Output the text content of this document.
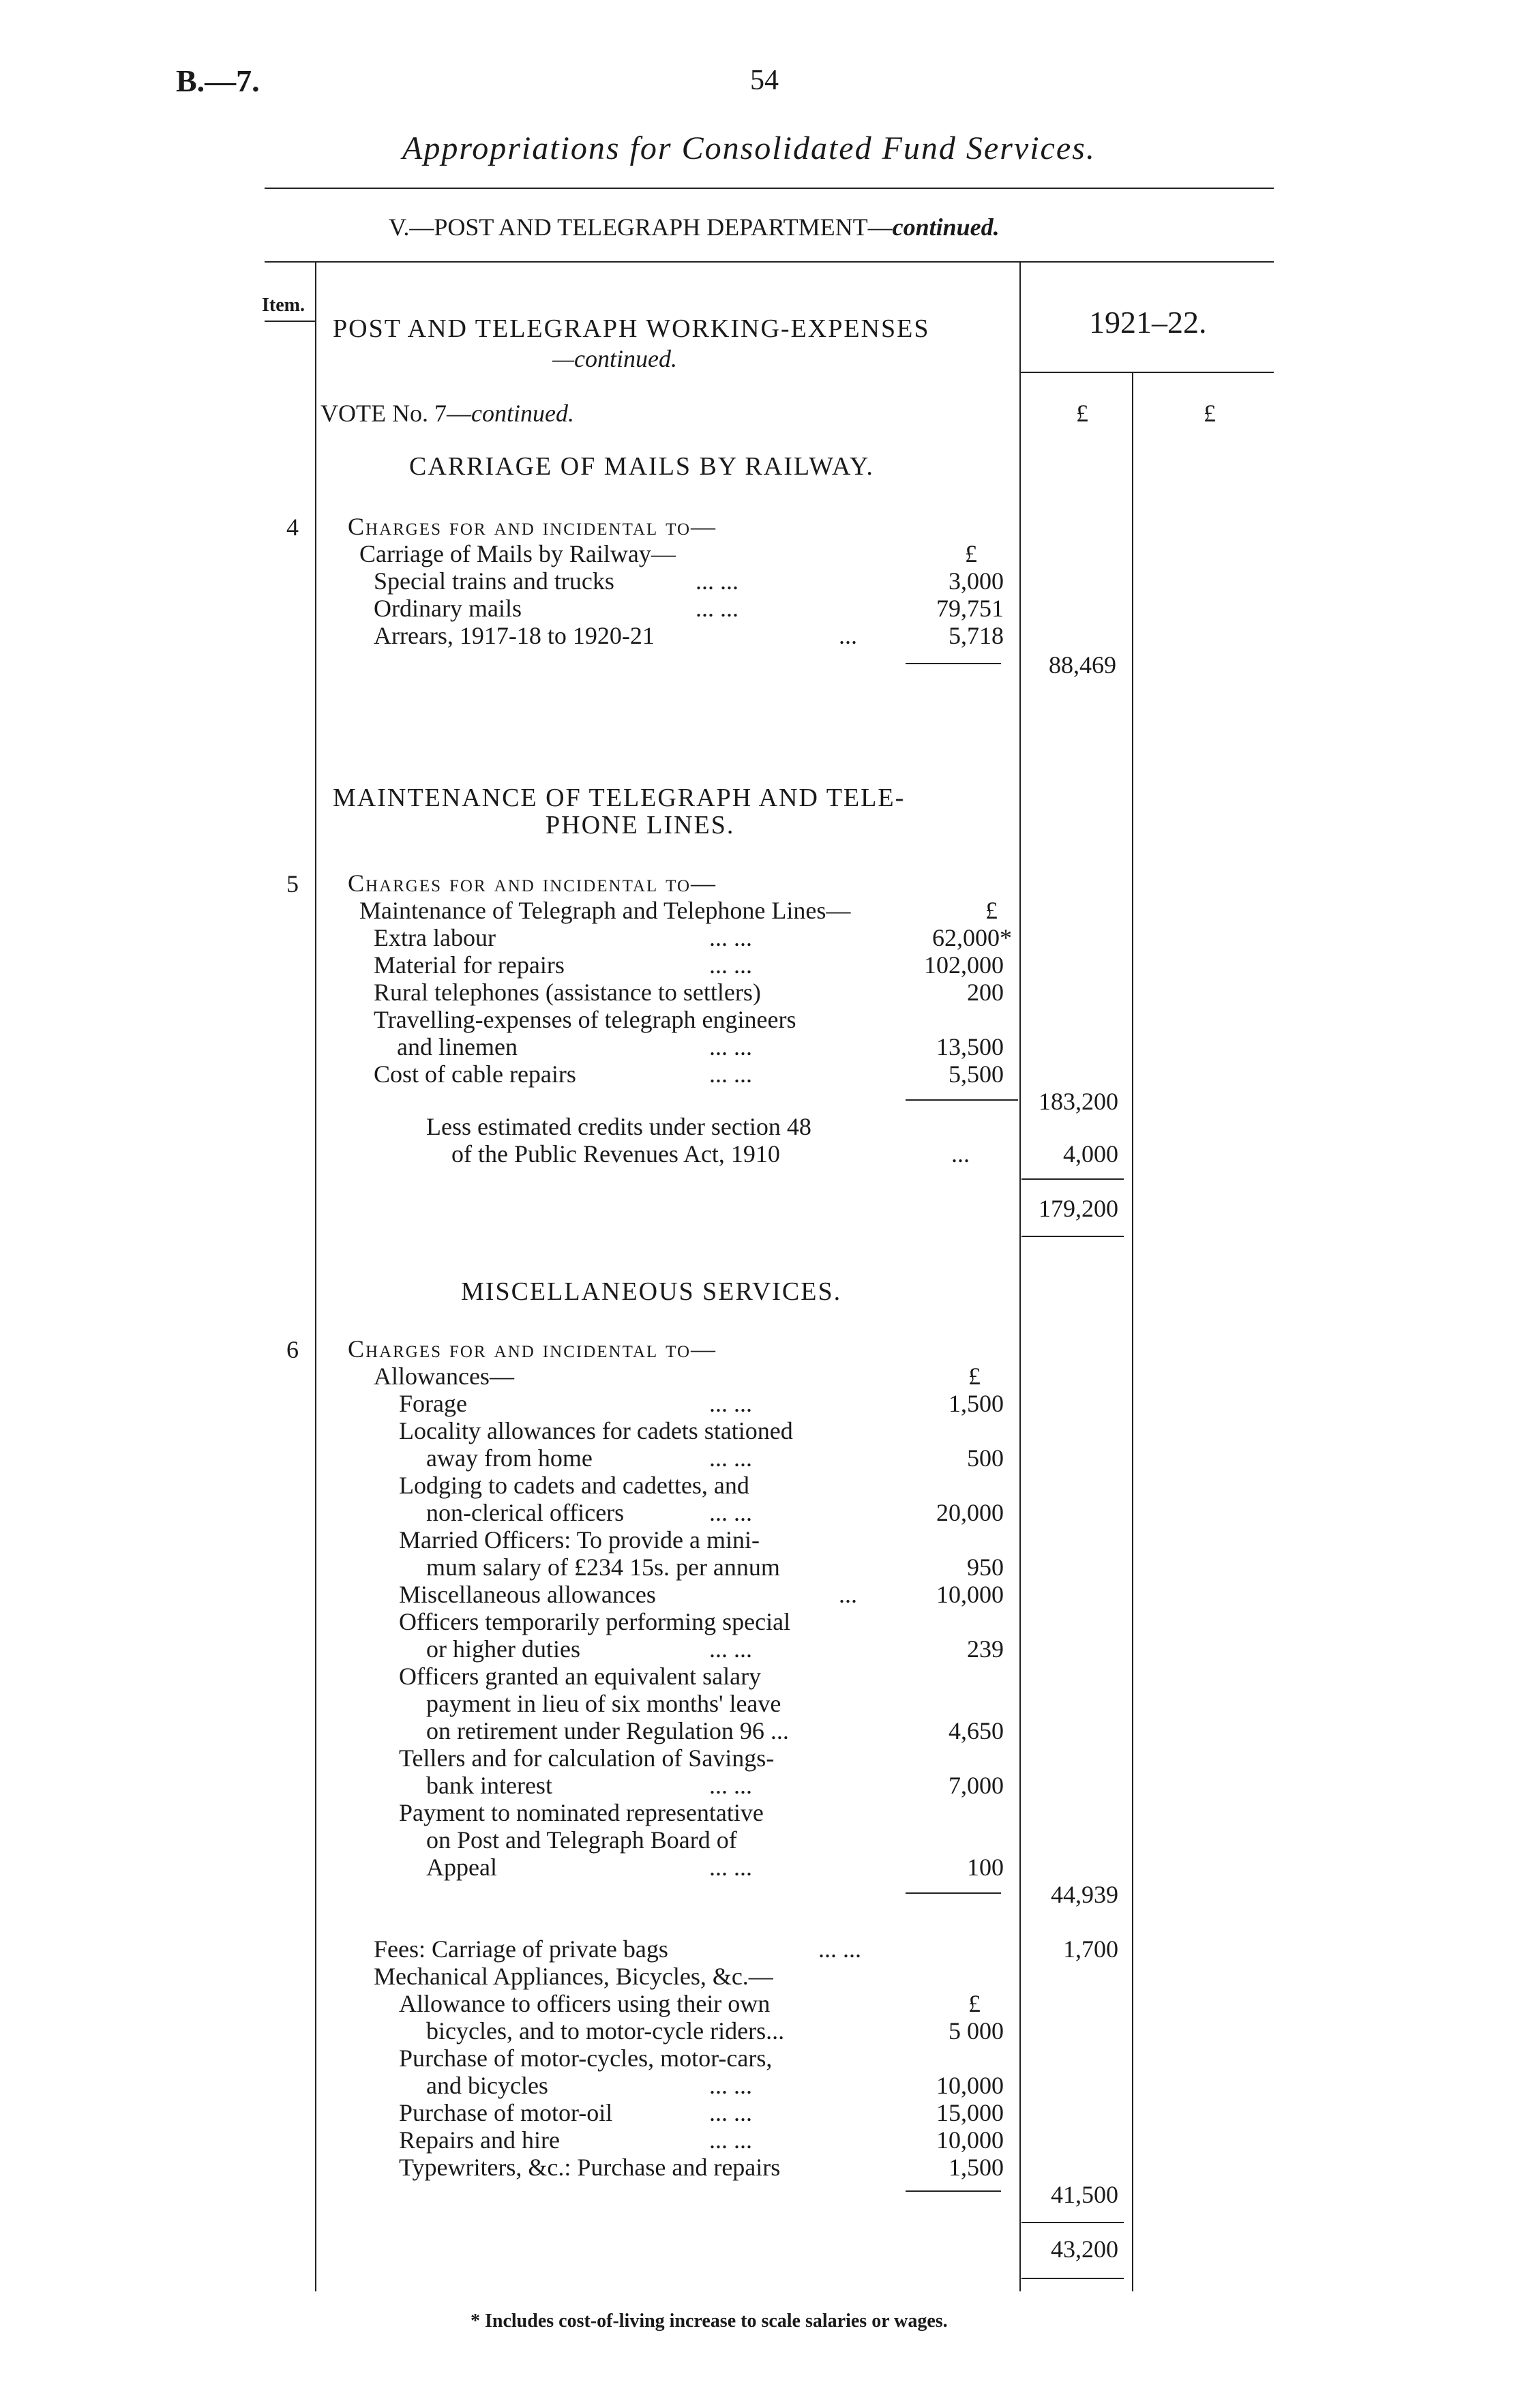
B.—7.	54
Appropriations for Consolidated Fund Services.
V.—POST AND TELEGRAPH DEPARTMENT—continued.
Item.
POST AND TELEGRAPH WORKING-EXPENSES
—continued.
1921–22.
VOTE No. 7—continued.	£	£
4
CARRIAGE OF MAILS BY RAILWAY.
Charges for and incidental to—
Carriage of Mails by Railway—	£
Special trains and trucks	... ...	3,000
Ordinary mails	... ...	79,751
Arrears, 1917-18 to 1920-21	...	5,718
88,469
MAINTENANCE OF TELEGRAPH AND TELE-
PHONE LINES.
5 Charges for and incidental to—
Maintenance of Telegraph and Telephone Lines—	£
Extra labour	... ...	62,000*
Material for repairs	... ...	102,000
Rural telephones (assistance to settlers)	200
Travelling-expenses of telegraph engineers
and linemen	... ...	13,500
Cost of cable repairs	... ...	5,500
183,200
Less estimated credits under section 48
of the Public Revenues Act, 1910	...	4,000
179,200
MISCELLANEOUS SERVICES.
6 Charges for and incidental to—
Allowances—	£
Forage	... ...	1,500
Locality allowances for cadets stationed
away from home	... ...	500
Lodging to cadets and cadettes, and
non-clerical officers	... ...	20,000
Married Officers: To provide a mini-
mum salary of £234 15s. per annum	950
Miscellaneous allowances	...	10,000
Officers temporarily performing special
or higher duties	... ...	239
Officers granted an equivalent salary
payment in lieu of six months' leave
on retirement under Regulation 96 ...	4,650
Tellers and for calculation of Savings-
bank interest	... ...	7,000
Payment to nominated representative
on Post and Telegraph Board of
Appeal	... ...	100
44,939
Fees: Carriage of private bags	... ...	1,700
Mechanical Appliances, Bicycles, &c.—
£
Allowance to officers using their own
bicycles, and to motor-cycle riders...	5 000
Purchase of motor-cycles, motor-cars,
and bicycles	... ...	10,000
Purchase of motor-oil	... ...	15,000
Repairs and hire	... ...	10,000
Typewriters, &c.: Purchase and repairs	1,500
41,500
43,200
* Includes cost-of-living increase to scale salaries or wages.
